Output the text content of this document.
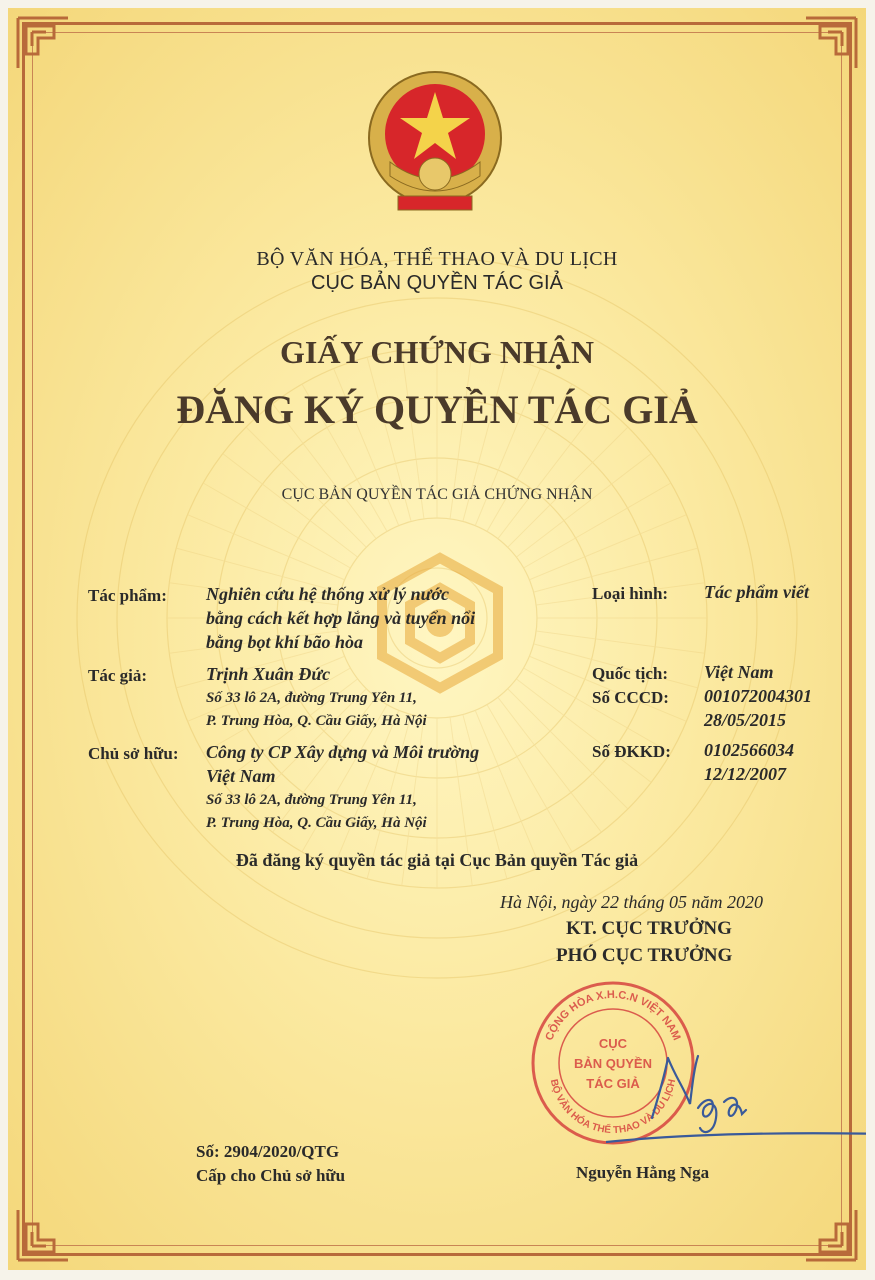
BỘ VĂN HÓA, THỂ THAO VÀ DU LỊCH
CỤC BẢN QUYỀN TÁC GIẢ
GIẤY CHỨNG NHẬN
ĐĂNG KÝ QUYỀN TÁC GIẢ
CỤC BẢN QUYỀN TÁC GIẢ CHỨNG NHẬN
Tác phẩm: Nghiên cứu hệ thống xử lý nước
bằng cách kết hợp lắng và tuyển nổi
bằng bọt khí bão hòa
Tác giả:	Trịnh Xuân Đức
Số 33 lô 2A, đường Trung Yên 11,
P. Trung Hòa, Q. Cầu Giấy, Hà Nội
Chủ sở hữu: Công ty CP Xây dựng và Môi trường
Việt Nam
Số 33 lô 2A, đường Trung Yên 11,
P. Trung Hòa, Q. Cầu Giấy, Hà Nội
Loại hình: Tác phẩm viết
Quốc tịch: Việt Nam
Số CCCD: 001072004301
28/05/2015
Số ĐKKD: 0102566034
12/12/2007
Đã đăng ký quyền tác giả tại Cục Bản quyền Tác giả
Hà Nội, ngày 22 tháng 05 năm 2020
KT. CỤC TRƯỞNG
PHÓ CỤC TRƯỞNG
CỘNG HÒA X.H.C.N VIỆT NAM
BỘ VĂN HÓA THỂ THAO VÀ DU LỊCH
CỤC
BẢN QUYỀN
TÁC GIẢ
Nguyễn Hằng Nga
Số: 2904/2020/QTG
Cấp cho Chủ sở hữu
